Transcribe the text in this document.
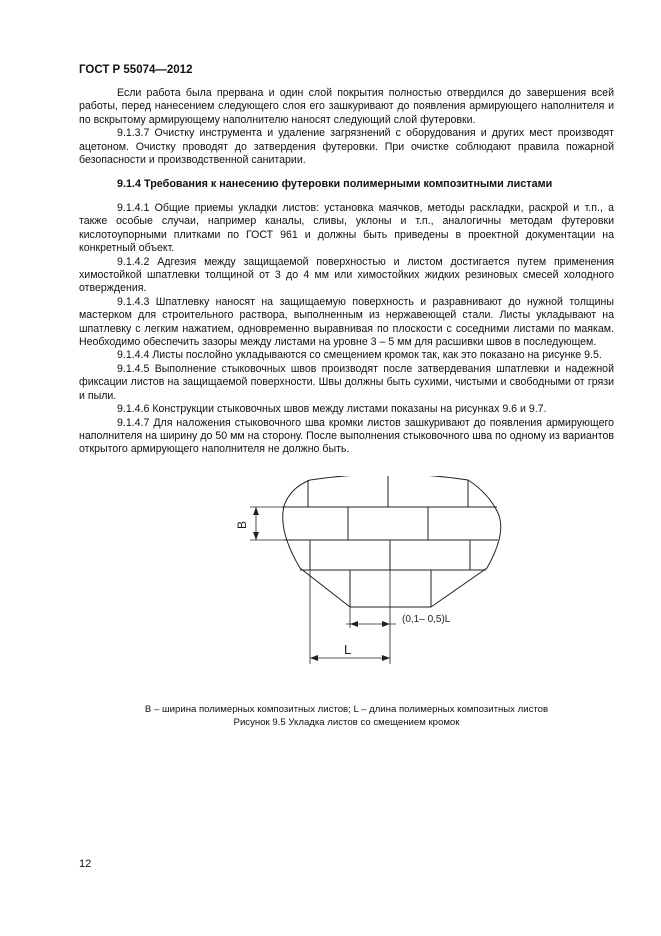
ГОСТ Р 55074—2012

Если работа была прервана и один слой покрытия полностью отвердился до завершения всей работы, перед нанесением следующего слоя его зашкуривают до появления армирующего наполнителя и по вскрытому армирующему наполнителю наносят следующий слой футеровки.

9.1.3.7 Очистку инструмента и удаление загрязнений с оборудования и других мест производят ацетоном. Очистку проводят до затвердения футеровки. При очистке соблюдают правила пожарной безопасности и производственной санитарии.

9.1.4 Требования к нанесению футеровки полимерными композитными листами

9.1.4.1 Общие приемы укладки листов: установка маячков, методы раскладки, раскрой и т.п., а также особые случаи, например каналы, сливы, уклоны и т.п., аналогичны методам футеровки кислотоупорными плитками по ГОСТ 961 и должны быть приведены в проектной документации на конкретный объект.

9.1.4.2 Адгезия между защищаемой поверхностью и листом достигается путем применения химостойкой шпатлевки толщиной от 3 до 4 мм или химостойких жидких резиновых смесей холодного отверждения.

9.1.4.3 Шпатлевку наносят на защищаемую поверхность и разравнивают до нужной толщины мастерком для строительного раствора, выполненным из нержавеющей стали. Листы укладывают на шпатлевку с легким нажатием, одновременно выравнивая по плоскости с соседними листами по маякам. Необходимо обеспечить зазоры между листами на уровне 3 – 5 мм для расшивки швов в последующем.

9.1.4.4 Листы послойно укладываются со смещением кромок так, как это показано на рисунке 9.5.

9.1.4.5 Выполнение стыковочных швов производят после затвердевания шпатлевки и надежной фиксации листов на защищаемой поверхности. Швы должны быть сухими, чистыми и свободными от грязи и пыли.

9.1.4.6 Конструкции стыковочных швов между листами показаны на рисунках 9.6 и 9.7.

9.1.4.7 Для наложения стыковочного шва кромки листов зашкуривают до появления армирующего наполнителя на ширину до 50 мм на сторону. После выполнения стыковочного шва по одному из вариантов открытого армирующего наполнителя не должно быть.

B
(0,1– 0,5)L
L
B – ширина полимерных композитных листов; L – длина полимерных композитных листов
Рисунок 9.5 Укладка листов со смещением кромок
12
